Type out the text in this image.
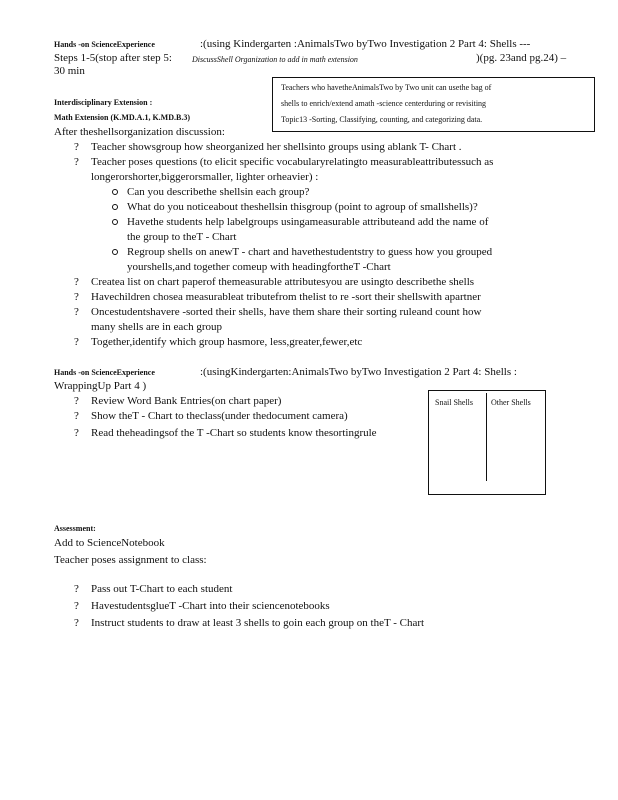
Hands -on ScienceExperience	:(using Kindergarten :AnimalsTwo byTwo Investigation 2 Part 4: Shells ---
Steps 1-5(stop after step 5:	DiscussShell Organization to add in math extension	)(pg. 23and pg.24) –
30 min
Teachers who havetheAnimalsTwo by Two unit can usethe bag of
shells to enrich/extend amath -science centerduring or revisiting
Topic13 -Sorting, Classifying, counting, and categorizing data.
Interdisciplinary Extension :
Math Extension (K.MD.A.1, K.MD.B.3)
After theshellsorganization discussion:
? Teacher showsgroup how sheorganized her shellsinto groups using ablank T- Chart .
? Teacher poses questions (to elicit specific vocabularyrelatingto measurableattributessuch as
longerorshorter,biggerorsmaller, lighter orheavier) :
Can you describethe shellsin each group?
What do you noticeabout theshellsin thisgroup (point to agroup of smallshells)?
Havethe students help labelgroups usingameasurable attributeand add the name of
the group to theT - Chart
Regroup shells on anewT - chart and havethestudentstry to guess how you grouped
yourshells,and together comeup with headingfortheT -Chart
? Createa list on chart paperof themeasurable attributesyou are usingto describethe shells
? Havechildren chosea measurableat tributefrom thelist to re -sort their shellswith apartner
? Oncestudentshavere -sorted their shells, have them share their sorting ruleand count how
many shells are in each group
? Together,identify which group hasmore, less,greater,fewer,etc
Hands -on ScienceExperience	:(usingKindergarten:AnimalsTwo byTwo Investigation 2 Part 4: Shells :
WrappingUp Part 4 )
? Review Word Bank Entries(on chart paper)
? Show theT - Chart to theclass(under thedocument camera)
? Read theheadingsof the T -Chart so students know thesortingrule
Snail Shells Other Shells
Assessment:
Add to ScienceNotebook
Teacher poses assignment to class:
? Pass out T-Chart to each student
? HavestudentsglueT -Chart into their sciencenotebooks
? Instruct students to draw at least 3 shells to goin each group on theT - Chart
